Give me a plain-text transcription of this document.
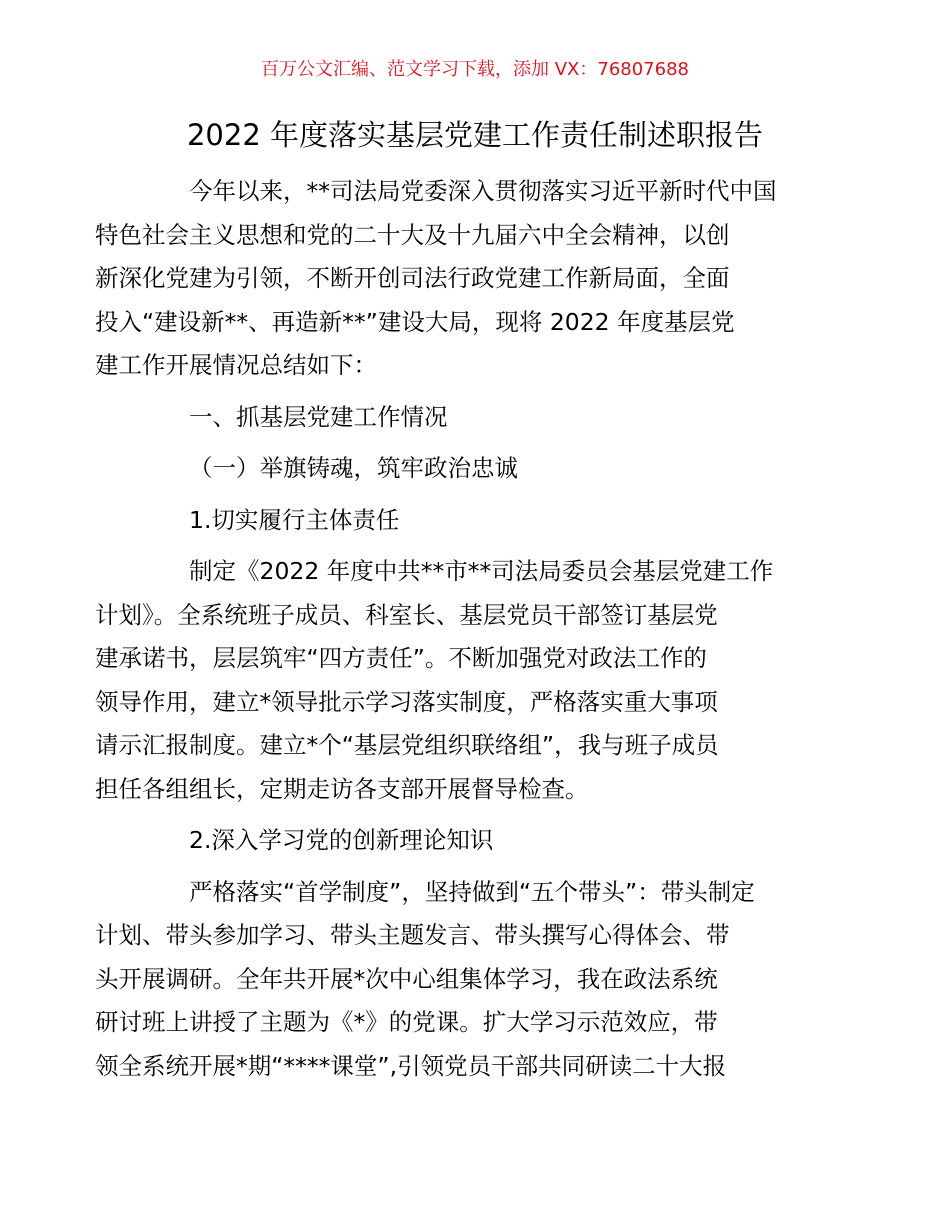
百万公文汇编、范文学习下载，添加 VX：76807688
2022 年度落实基层党建工作责任制述职报告
今年以来，**司法局党委深入贯彻落实习近平新时代中国
特色社会主义思想和党的二十大及十九届六中全会精神，以创
新深化党建为引领，不断开创司法行政党建工作新局面，全面
投入“建设新**、再造新**”建设大局，现将 2022 年度基层党
建工作开展情况总结如下：
一、抓基层党建工作情况
（一）举旗铸魂，筑牢政治忠诚
1.切实履行主体责任
制定《2022 年度中共**市**司法局委员会基层党建工作
计划》。全系统班子成员、科室长、基层党员干部签订基层党
建承诺书，层层筑牢“四方责任”。不断加强党对政法工作的
领导作用，建立*领导批示学习落实制度，严格落实重大事项
请示汇报制度。建立*个“基层党组织联络组”，我与班子成员
担任各组组长，定期走访各支部开展督导检查。
2.深入学习党的创新理论知识
严格落实“首学制度”，坚持做到“五个带头”：带头制定
计划、带头参加学习、带头主题发言、带头撰写心得体会、带
头开展调研。全年共开展*次中心组集体学习，我在政法系统
研讨班上讲授了主题为《*》的党课。扩大学习示范效应，带
领全系统开展*期“****课堂”,引领党员干部共同研读二十大报
